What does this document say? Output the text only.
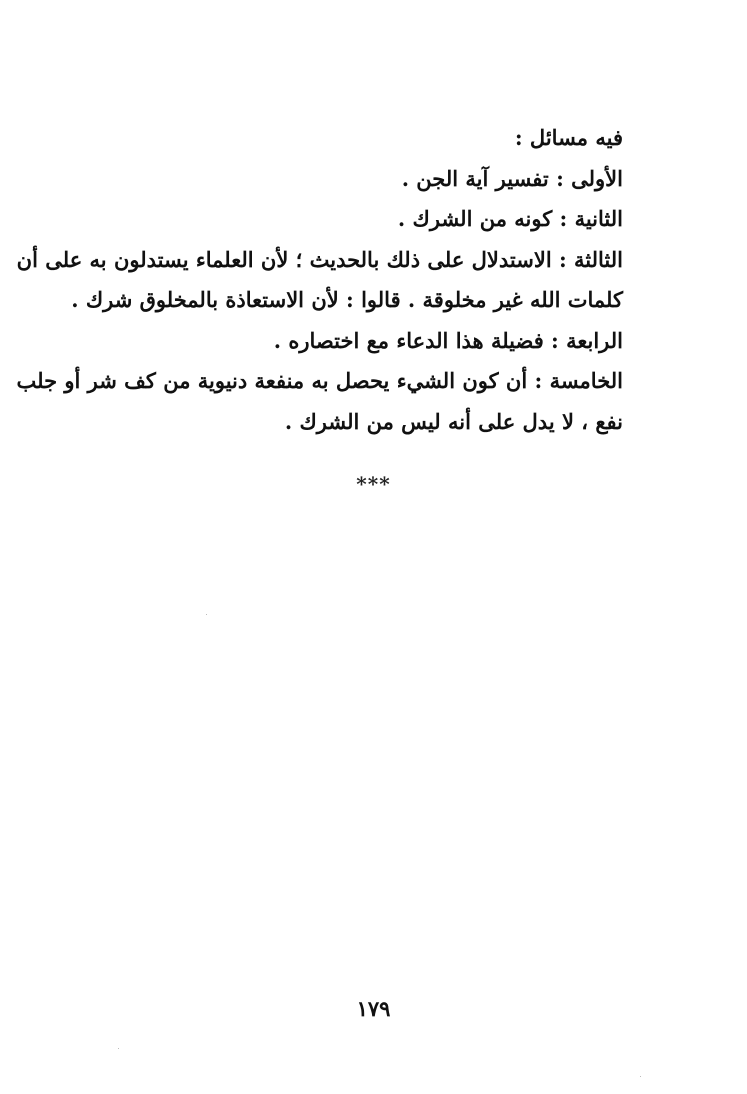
فيه مسائل :
الأولى : تفسير آية الجن .
الثانية : كونه من الشرك .
الثالثة : الاستدلال على ذلك بالحديث ؛ لأن العلماء يستدلون به على أن
كلمات الله غير مخلوقة . قالوا : لأن الاستعاذة بالمخلوق شرك .
الرابعة : فضيلة هذا الدعاء مع اختصاره .
الخامسة : أن كون الشيء يحصل به منفعة دنيوية من كف شر أو جلب
نفع ، لا يدل على أنه ليس من الشرك .
***
١٧٩
